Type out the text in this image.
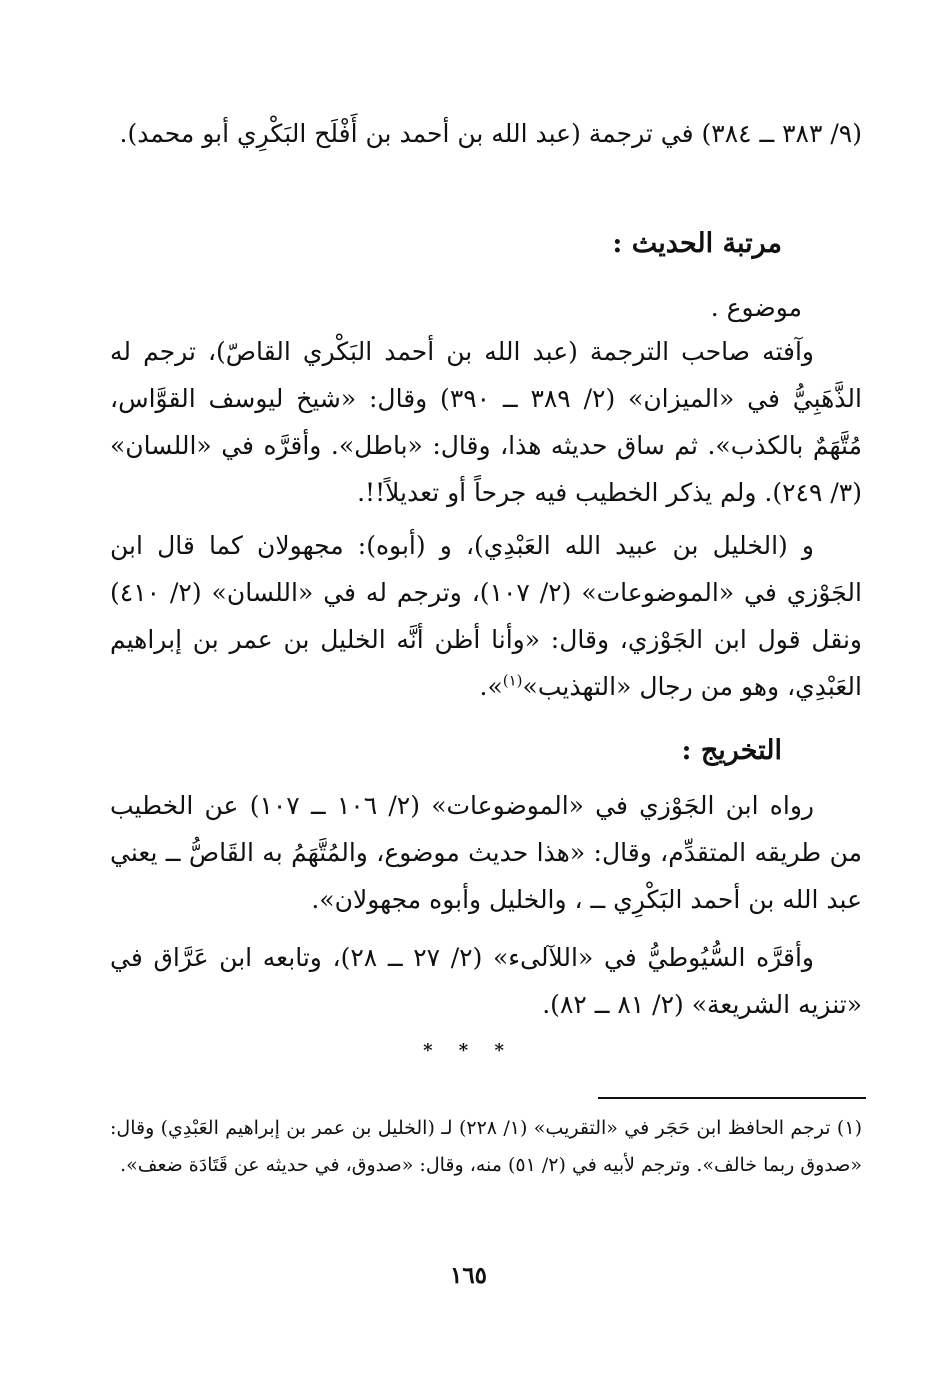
(٩/ ٣٨٣ ــ ٣٨٤) في ترجمة (عبد الله بن أحمد بن أَفْلَح البَكْرِي أبو محمد).

مرتبة الحديث :

موضوع .

وآفته صاحب الترجمة (عبد الله بن أحمد البَكْري القاصّ)، ترجم له الذَّهَبِيُّ في «الميزان» (٢/ ٣٨٩ ــ ٣٩٠) وقال: «شيخ ليوسف القوَّاس، مُتَّهَمٌ بالكذب». ثم ساق حديثه هذا، وقال: «باطل». وأقرَّه في «اللسان» (٣/ ٢٤٩). ولم يذكر الخطيب فيه جرحاً أو تعديلاً!!.

و (الخليل بن عبيد الله العَبْدِي)، و (أبوه): مجهولان كما قال ابن الجَوْزي في «الموضوعات» (٢/ ١٠٧)، وترجم له في «اللسان» (٢/ ٤١٠) ونقل قول ابن الجَوْزي، وقال: «وأنا أظن أنَّه الخليل بن عمر بن إبراهيم العَبْدِي، وهو من رجال «التهذيب»$^{(١)}$».

التخريج :

رواه ابن الجَوْزي في «الموضوعات» (٢/ ١٠٦ ــ ١٠٧) عن الخطيب من طريقه المتقدِّم، وقال: «هذا حديث موضوع، والمُتَّهَمُ به القَاصُّ ــ يعني عبد الله بن أحمد البَكْرِي ــ ، والخليل وأبوه مجهولان».

وأقرَّه السُّيُوطيُّ في «اللآلىء» (٢/ ٢٧ ــ ٢٨)، وتابعه ابن عَرَّاق في «تنزيه الشريعة» (٢/ ٨١ ــ ٨٢).

* * *

(١) ترجم الحافظ ابن حَجَر في «التقريب» (١/ ٢٢٨) لـ (الخليل بن عمر بن إبراهيم العَبْدِي) وقال: «صدوق ربما خالف». وترجم لأبيه في (٢/ ٥١) منه، وقال: «صدوق، في حديثه عن قَتَادَة ضعف».

١٦٥
